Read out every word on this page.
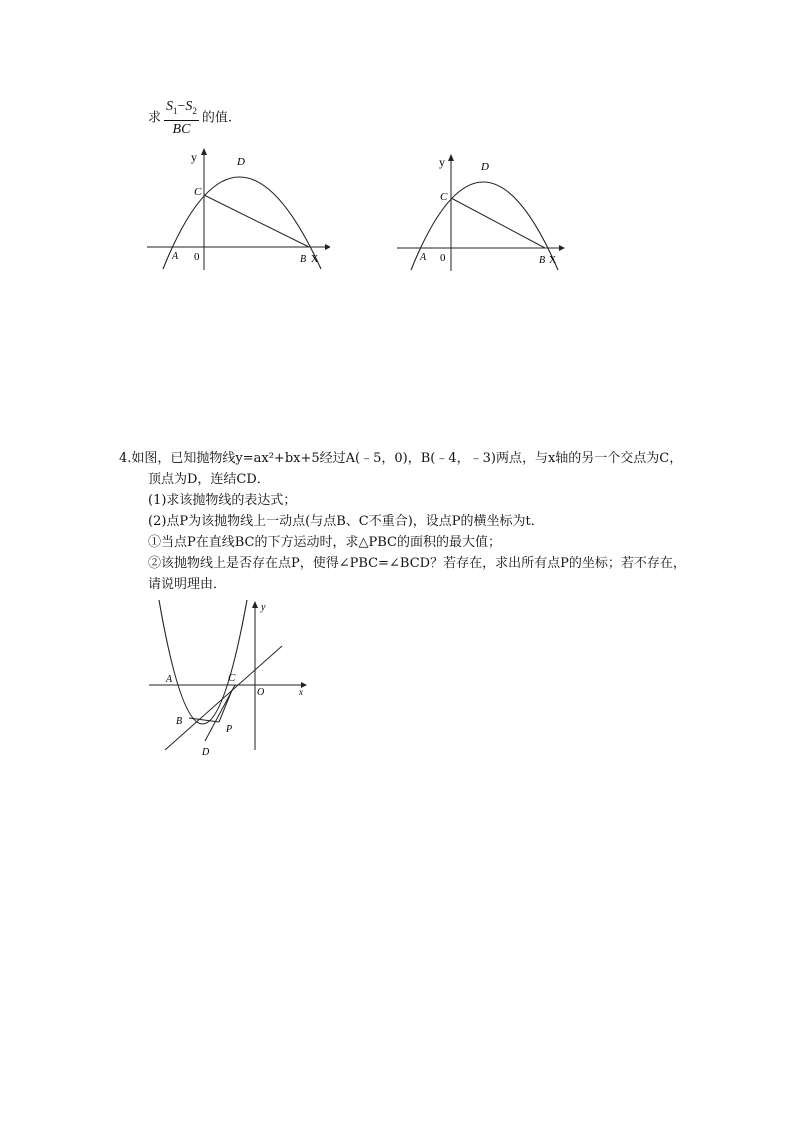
求 $\frac{S_1-S_2}{BC}$ 的值.
y	D
C
A 0	B X
y	D
C
A 0	B X
4.如图，已知抛物线y=ax²+bx+5经过A(﹣5，0)，B(﹣4，﹣3)两点，与x轴的另一个交点为C，
顶点为D，连结CD．
(1)求该抛物线的表达式；
(2)点P为该抛物线上一动点(与点B、C不重合)，设点P的横坐标为t．
①当点P在直线BC的下方运动时，求△PBC的面积的最大值；
②该抛物线上是否存在点P，使得∠PBC=∠BCD？若存在，求出所有点P的坐标；若不存在，
请说明理由．
y
A	C
O	x
B
P
D
